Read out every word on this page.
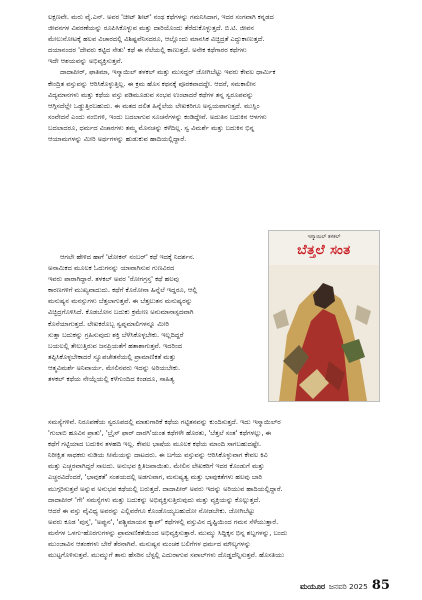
ಲಕ್ಷಣವೇ. ಮರು ವೈ.ಎನ್. ಅವರ 'ಚೀಟ್ ಶೀಟ್' ನಂಥ ಕಥೆಗಳನ್ನು ಗಮನಿಸಿದಾಗ, ಇದರ ಸಂಗವಾಗಿ ಕನ್ನಡದ
ಜೀವನಗಳ ವಿವರಣೆಯನ್ನು ರೂಪಿಸಿಕೊಳ್ಳುವ ಮತ್ತು ದಾರಿಯೊಂದು ತೆರೆದುಕೊಳ್ಳುತ್ತದೆ. ಬಿ.ಟಿ. ಜೀವನ
ಮೇಲುನೋಟಕ್ಕೆ ಹಲವ ವಿಚಾರದಲ್ಲಿ ವಿಶಿಷ್ಟವೆನಿಸದರೂ, ಆಲ್ಲೊಂದು ಮಾನಸಿಕ ವಿಚ್ಛಿದ್ರತೆ ಎದ್ದುಕಾಣುತ್ತದೆ.
ದಯಾನಂದರ 'ದೇವರು ಕಟ್ಟಿದ ಸೇತು' ಕಥೆ ಈ ನೆಲೆಯಲ್ಲಿ ಕಾಣುತ್ತದೆ. ಅನೇಕ ಕಥೆಗಾರರ ಕಥೆಗಳು
ಇದೇ ಆಶಯವನ್ನು ಅಭಿವ್ಯಕ್ತಿಸುತ್ತವೆ.
ದಾದಾಪೀರ್, ಫಾತಿಮಾ, ಇಸ್ಮಾಯಿಲ್ ತಳಕಲ್ ಮತ್ತು ಮುಸದ್ದರ್ ಜೋಗಿಬೆಟ್ಟು ಇವರು ಕೇವಲ ಧಾರ್ಮಿಕ
ಕೇಂದ್ರಿತ ವಸ್ತುವನ್ನು ಆರಿಸಿಕೊಳ್ಳುತ್ತಿಲ್ಲ. ಈ ಕ್ರಮ ಹೊಸ ಕಥನಕ್ಕೆ ಪೂರಕವಾದದ್ದೇ. ಆದರೆ, ಸಮಕಾಲೀನ
ವಿದ್ಯಮಾನಗಳು ಮತ್ತು ಕಥೆಯ ವಸ್ತು ಪಡಿಮೂಡುವ ಸಂಭವ ಉಂಟಾದರೆ ಕಥೆಗಳ ತನ್ನ ಸ್ವರೂಪವನ್ನು
ಆಗ್ಗಿಸದೆಲ್ಲೇ ಒಡ್ಡುತ್ತಿರಬಹುದು. ಈ ಮತದ ದಲಿತ ಹಿನ್ನೆಲೆಯ ಲೇಖಕರಿಗೂ ಅನ್ವಯವಾಗುತ್ತದೆ. ಮುಸ್ಲಿಂ
ಸಂವೇದನೆ ಎಂದು ನಂಬಿಗಳಿ, ಇಂದು ಬದಲಾಗುವ ಸೂಚನೆಗಳನ್ನು ಕಂಡಿದ್ದೇವೆ. ಅದುತಿನ ಬದುಕಿನ ಆಳಗಳು
ಬದಲಾದರೂ, ಧರ್ಮದ ವಿಚಾರಗಳು ತಮ್ಮ ಮೊನಚನ್ನು ಕಳೆದಿಲ್ಲ. ಸ್ವ ವಿಮರ್ಶೆ ಮತ್ತು ಬದುಕಿನ ಭಿನ್ನ
ಆಯಾಮಗಳನ್ನು ಮೀರಿ ಅರ್ಥಗಳನ್ನು ಹುಡುಕುವ ಹಾದಿಯಲ್ಲಿದ್ದಾರೆ.
ಆಗಲೇ ಹೇಳಿದ ಹಾಗೆ 'ಟೋಕನ್ ನಂಬರ್' ಕಥೆ ಇದಕ್ಕೆ ನಿದರ್ಶನ.
ಅನಾಮಿಕದ ಮೂಲಕ ಓದುಗನನ್ನು ಯಾವಾಗಿಸುವ ಗುಣವಿರದ
ಇವರು ಪಾರಾಗಿದ್ದಾರೆ. ತಳಕಲ್ ಅವರ 'ರೋಗಗ್ರಸ್ತ' ಕಥೆ ಹಲವು
ಕಾರಣಗಳಿಗೆ ಮುಖ್ಯವಾದುದು. ಕಥೆಗೆ ಕೊರೋನಾ ಹಿನ್ನೆಲೆ ಇದ್ದರೂ, ಆಲ್ಲಿ
ಮನುಷ್ಯನ ಮನಸ್ಸುಗಳು ಬೆತ್ತಲಾಗುತ್ತವೆ. ಈ ಬೆತ್ತಲುತನ ಮನುಷ್ಯರನ್ನು
ವಿಚ್ಛಿದ್ರಗೊಳಿಸಿದೆ. ಕೊಡಬೋನ ಬದುಕು ಕ್ರಮೇಣ ಅನುಮಾನಾಸ್ಪದವಾಗಿ
ಕೊನೆಯಾಗುತ್ತದೆ. ಲೇಖಕರೊಬ್ಬ ಸ್ವಪ್ನಮಾಲಿಗಳನ್ನೂ ಮೀರಿ
ಸುತ್ತಾ ಬದುಕನ್ನು ಗ್ರಹಿಸುವುದು ಶಕ್ತಿ ಬೆಳೆಸಿಕೊಳ್ಳಬೇಕು. ಇಲ್ಲದಿದ್ದರೆ
ಬಯಲಲ್ಲಿ ತೇಲುತ್ತಿರುವ ಜನಪ್ರಿಯತೆಗೆ ಹತಾಶಾಗುತ್ತವೆ. ಇದರಿಂದ
ತಪ್ಪಿಸಿಕೊಳ್ಳಬೇಕಾದರೆ ಸ್ವೂಪಚೇತನೆಯಲ್ಲಿ ಪ್ರಾಮಾಣಿಕತೆ ಮತ್ತು
ಆತ್ಮವಿಮರ್ಶೆ ಅನಿವಾರ್ಯ. ಮೇಲಿನವರು ಇದನ್ನು ಅರಿಯಬೇಕು.
ತಳಕಲ್ ಕಥೆಯ ನೇಯ್ಗೆಯಲ್ಲಿ ಕಳೆಗುಂದಿದ ಕಿಂಡದೂ, ಸಾಹಿತ್ಯ
ಇಸ್ಮಾಯಿಲ್ ತಳಕಲ್
ಬೆತ್ತಲೆ ಸಂತ
ಸಮಸ್ಯೆಗಳಿವೆ. ನಿರೂಪಣೆಯ ಸ್ವರೂಪದಲ್ಲಿ ಮಾತುಗಾರಿಕೆ ಕಥೆಯ ಗಟ್ಟಿತನವನ್ನು ಕುಂದಿಸುತ್ತದೆ. ಇದು ಇಸ್ಮಾಯಿಲ್‌ರ
'ಗುಲಾಬಿ ಹೂವಿನ ಪ್ರಾತು', 'ಬ್ರೈಸ್ ಫಾರ್ ದಾರಗಿ'ಯಂತ ಕಥೆಗಳೇ ಹೊರತು, 'ಬೆತ್ತಲೆ ಸಂತ' ಕಥೆಗಳಲ್ಲು, ಈ
ಕಥೆಗೆ ಗಟ್ಟಿಯಾದ ಬದುಕಿನ ತಳಹದಿ ಇಲ್ಲ. ಕೇವಲ ಭಾಷೆಯ ಮೂಲಕ ಕಥೆಯ ಮಾಂದಿ ಸಾಗಬಹುದಷ್ಟೇ.
ನಿರೀಕ್ಷಿತ ಸಾಧಕರು ನುಡಿಯ ಸೀಮೆಯನ್ನು ದಾಟದರು. ಈ ಬಗೆಯ ವಸ್ತುವನ್ನು ಆರಿಸಿಕೊಳ್ಳುವಾಗ ಕೇವಲ ಕಿವಿ
ಮತ್ತು ಎಚ್ಚರವಾಗಿದ್ದರೆ ಸಾಲದು. ಅನುಭವ ಕ್ಷಿತಿಜವಾಯಿತು. ಮೇಲಿನ ಲೇಖಕರಿಗೆ ಇದರ ಕೊಂಡುಗೆ ಮತ್ತು
ಎಚ್ಚರವಿದೆಂದರೆ, 'ಭಾವುಕತೆ' ಸಂಶಯದಲ್ಲಿ ಅಡಗುವಾಗ, ಮನುಷ್ಯತ್ವ ಮತ್ತು ಭಾವುಕತೆಗಳು ಹಲವು ಬಾರಿ
ಮುಗ್ಗರಿಸುತ್ತವೆ ಅನ್ನುವ ಅನುಭವ ಕಥೆಯಲ್ಲಿ ಬರುತ್ತದೆ. ದಾದಾಪೀರ್ ಅವರು ಇದನ್ನು ಅರಿಯುವ ಹಾದಿಯಲ್ಲಿದ್ದಾರೆ.
ದಾದಾಪೀರ್ 'ಗೇ' ಸಮಸ್ಯೆಗಳು ಮತ್ತು ಬದುಕನ್ನು ಅಭಿವ್ಯಕ್ತಿಸುತ್ತಿರುವುದು ಮತ್ತು ವ್ಯಕ್ತಿಯನ್ನು ಕೊಲ್ಲುತ್ತದೆ.
ಆದರೆ ಈ ವಸ್ತು ವೈವಿಧ್ಯ ಅವರನ್ನು ಎಲ್ಲಿವರೆಗೂ ಕೊಂಡೊಯ್ಯಬಹುದೋ ನೋಡಬೇಕು. ಜೋಗಿಬೆಟ್ಟು
ಅವರು ಕೂಡ 'ಪುಸ್ತ', 'ಅಪ್ಪುನ', 'ಪಶ್ಚಿಮಾಯನ ಕ್ಯಾಪ್' ಕಥೆಗಳಲ್ಲಿ ವಸ್ತುವಿನ ದೃಷ್ಟಿಯಿಂದ ಗಮನ ಸೆಳೆಯುತ್ತಾರೆ.
ಮನೆಗಳ ಒಳಗು-ಹೊರಗುಗಳನ್ನು ಪ್ರಾಮಾಣಿಕತೆಯಿಂದ ಅಭಿವ್ಯಕ್ತಿಸುತ್ತಾರೆ. ಮುಮ್ಮು ಸಿದ್ದಿಕ್ಕನ ಭಿನ್ನ ಶಬ್ದಗಳನ್ನು, ಬಂದು
ಮುಂಜಾವಿನ ಆತಂಕಗಳು ಬೇರೆ ತೆರನಾಗಿವೆ. ಮನುಷ್ಯನ ಮಂಚಕ ಬಲಿಗೆಗಳ ಧರ್ಮದ ಮೌಲ್ಯಗಳನ್ನು
ಮುಟ್ಟಗೊಳಿಸುತ್ತವೆ. ಮುಮ್ಮುಗೆ ತಾನು ಹೆಸರಿನ ಬೆಸ್ಟಲ್ಲಿ ಎದುರಾಗುವ ಸವಾಲ್‌ಗಳು ದೊಡ್ಡದೆನ್ನಿಸುತ್ತವೆ. ಹೊಸತಿಯು
ಮಯೂರ ಜನವರಿ 2025 85
